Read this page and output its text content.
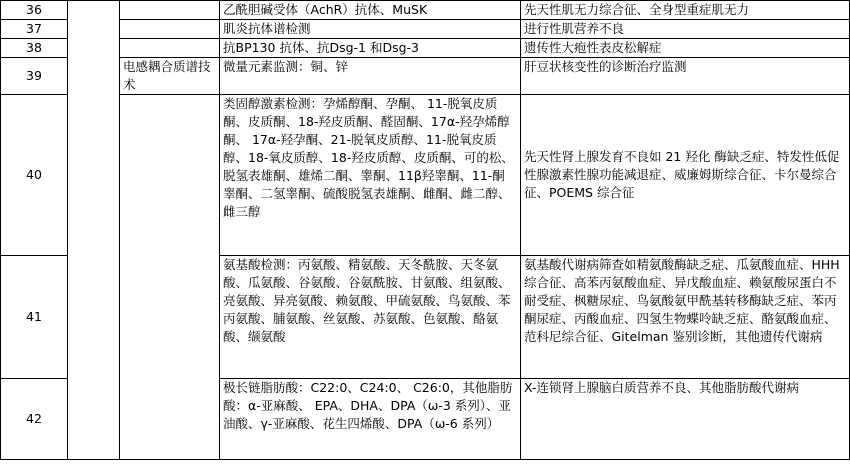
36			乙酰胆碱受体（AchR）抗体、MuSK	先天性肌无力综合征、全身型重症肌无力
37			肌炎抗体谱检测	进行性肌营养不良
38			抗BP130 抗体、抗Dsg-1 和Dsg-3	遗传性大疱性表皮松解症
39		电感耦合质谱技术	微量元素监测：铜、锌	肝豆状核变性的诊断治疗监测
40			类固醇激素检测：孕烯醇酮、孕酮、 11-脱氧皮质酮、皮质酮、18-羟皮质酮、醛固酮、17α-羟孕烯醇酮、 17α-羟孕酮、21-脱氧皮质醇、11-脱氧皮质醇、18-氧皮质醇、18-羟皮质醇、皮质酮、可的松、脱氢表雄酮、雄烯二酮、睾酮、11β羟睾酮、11-酮睾酮、二氢睾酮、硫酸脱氢表雄酮、雌酮、雌二醇、雌三醇	先天性肾上腺发育不良如 21 羟化 酶缺乏症、特发性低促性腺激素性腺功能减退症、威廉姆斯综合征、卡尔曼综合征、POEMS 综合征
41			氨基酸检测：丙氨酸、精氨酸、天冬酰胺、天冬氨酸、瓜氨酸、谷氨酸、谷氨酰胺、甘氨酸、组氨酸、亮氨酸、异亮氨酸、赖氨酸、甲硫氨酸、鸟氨酸、苯丙氨酸、脯氨酸、丝氨酸、苏氨酸、色氨酸、酪氨酸、缬氨酸	氨基酸代谢病筛查如精氨酸酶缺乏症、瓜氨酸血症、HHH 综合征、高苯丙氨酸血症、异戊酸血症、赖氨酸尿蛋白不耐受症、枫糖尿症、鸟氨酸氨甲酰基转移酶缺乏症、苯丙酮尿症、丙酸血症、四氢生物蝶呤缺乏症、酪氨酸血症、范科尼综合征、Gitelman 鉴别诊断，其他遗传代谢病
42			极长链脂肪酸：C22:0、C24:0、 C26:0，其他脂肪酸：α-亚麻酸、 EPA、DHA、DPA（ω-3 系列）、亚油酸、γ-亚麻酸、花生四烯酸、DPA（ω-6 系列）	X-连锁肾上腺脑白质营养不良、其他脂肪酸代谢病
